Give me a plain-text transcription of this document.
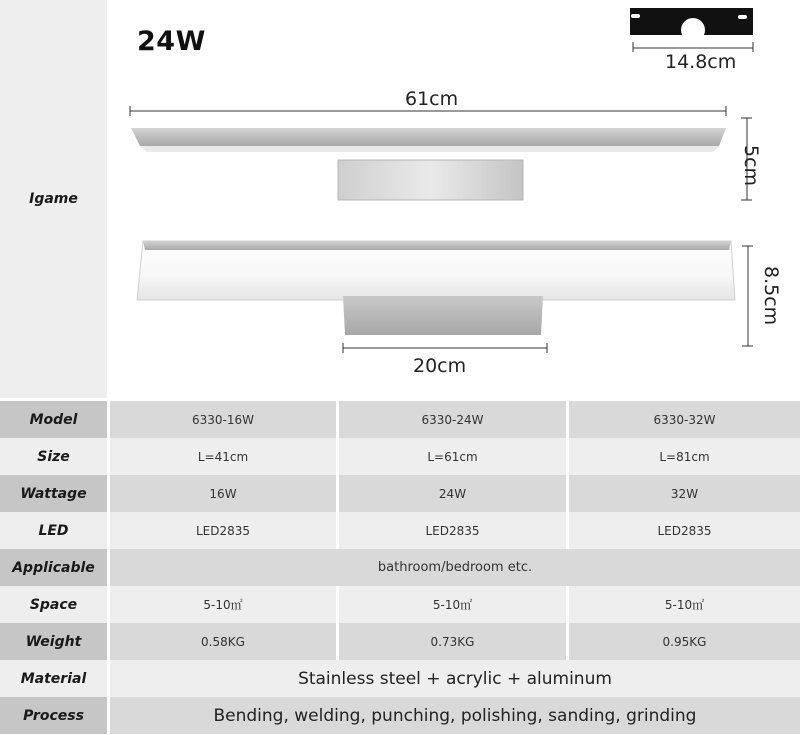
Igame
24W
14.8cm
61cm
20cm
5cm
8.5cm
Model	6330-16W	6330-24W	6330-32W
Size	L=41cm	L=61cm	L=81cm
Wattage	16W	24W	32W
LED	LED2835	LED2835	LED2835
Applicable	bathroom/bedroom etc.
Space	5-10㎡	5-10㎡	5-10㎡
Weight	0.58KG	0.73KG	0.95KG
Material	Stainless steel + acrylic + aluminum
Process	Bending, welding, punching, polishing, sanding, grinding
